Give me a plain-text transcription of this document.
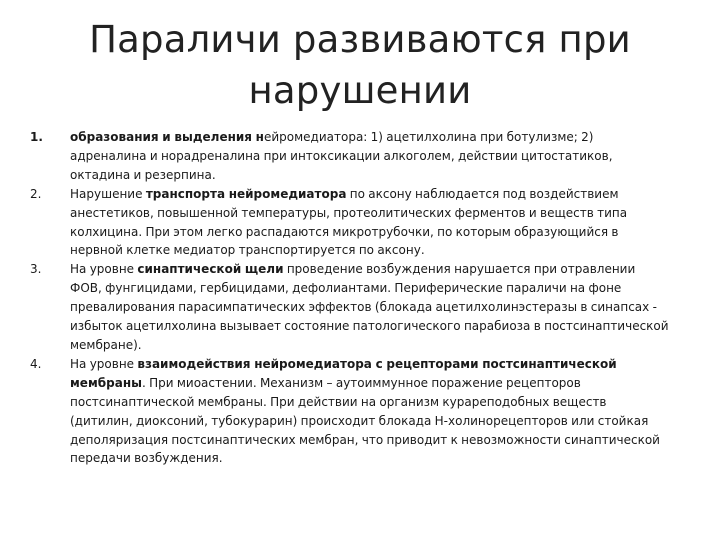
Параличи развиваются при
нарушении
1.	образования и выделения нейромедиатора: 1) ацетилхолина при ботулизме; 2) адреналина и норадреналина при интоксикации алкоголем, действии цитостатиков, октадина и резерпина.
2.	Нарушение транспорта нейромедиатора по аксону наблюдается под воздействием анестетиков, повышенной температуры, протеолитических ферментов и веществ типа колхицина. При этом легко распадаются микротрубочки, по которым образующийся в нервной клетке медиатор транспортируется по аксону.
3.	На уровне синаптической щели проведение возбуждения нарушается при отравлении ФОВ, фунгицидами, гербицидами, дефолиантами. Периферические параличи на фоне превалирования парасимпатических эффектов (блокада ацетилхолинэстеразы в синапсах - избыток ацетилхолина вызывает состояние патологического парабиоза в постсинаптической мембране).
4.	На уровне взаимодействия нейромедиатора с рецепторами постсинаптической мембраны. При миоастении. Механизм – аутоиммунное поражение рецепторов постсинаптической мембраны. При действии на организм курареподобных веществ (дитилин, диоксоний, тубокурарин) происходит блокада Н-холинорецепторов или стойкая деполяризация постсинаптических мембран, что приводит к невозможности синаптической передачи возбуждения.
